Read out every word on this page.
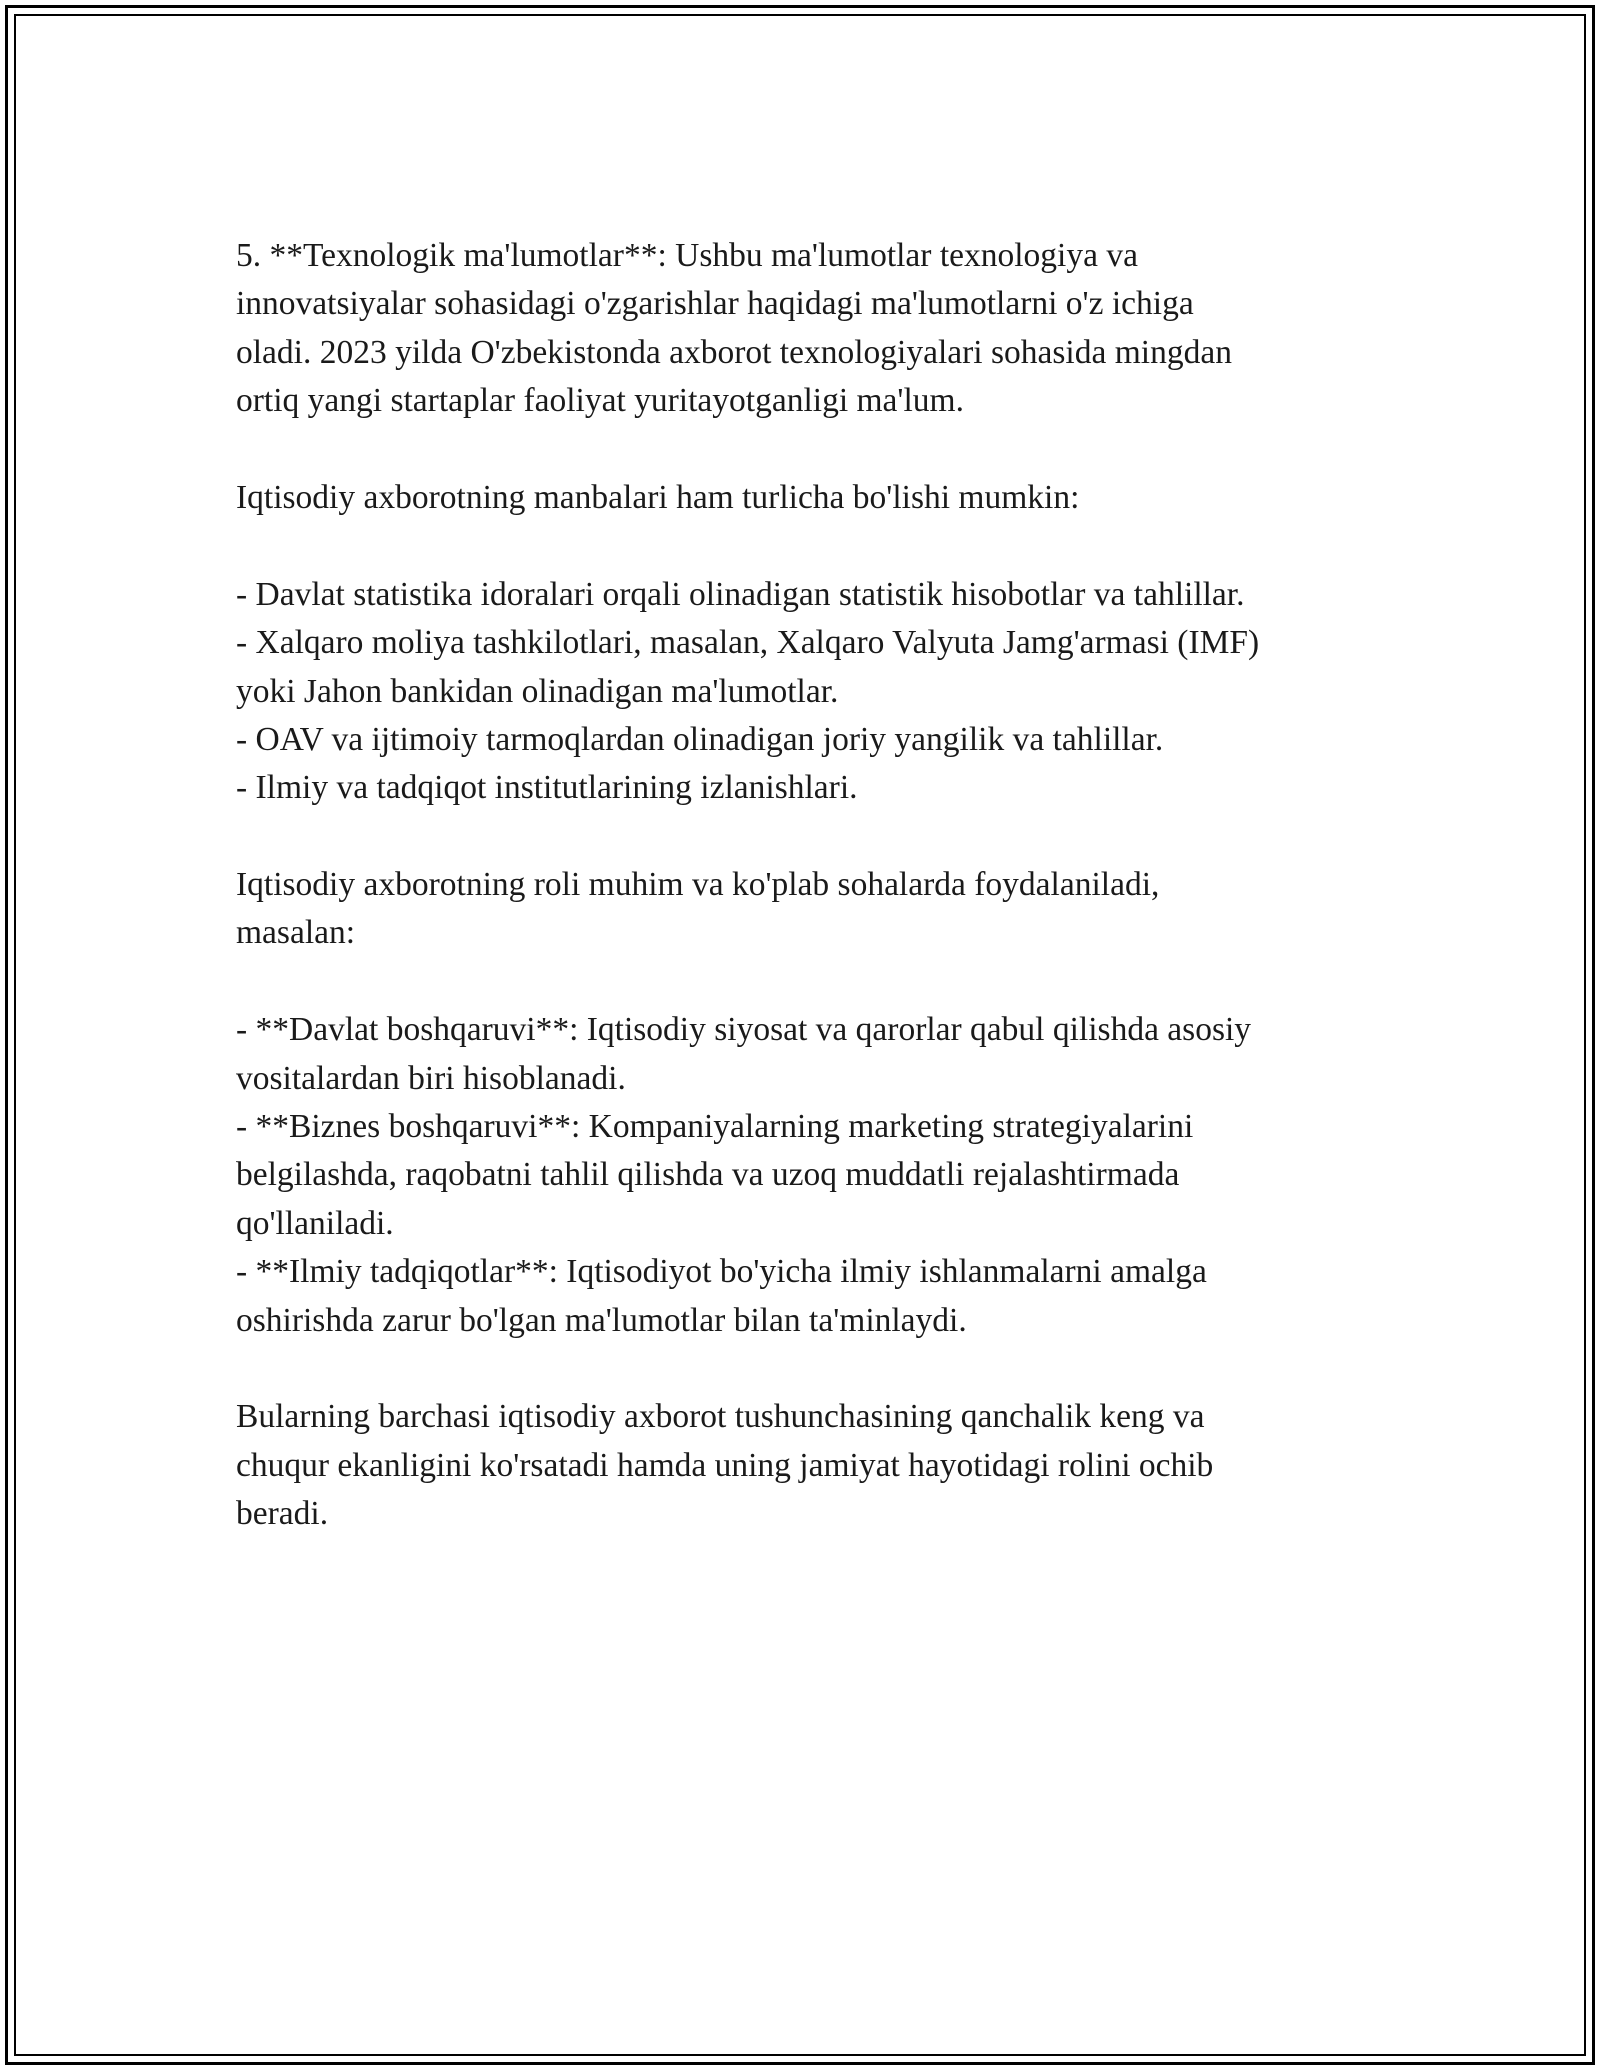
5. **Texnologik ma'lumotlar**: Ushbu ma'lumotlar texnologiya va

innovatsiyalar sohasidagi o'zgarishlar haqidagi ma'lumotlarni o'z ichiga

oladi. 2023 yilda O'zbekistonda axborot texnologiyalari sohasida mingdan

ortiq yangi startaplar faoliyat yuritayotganligi ma'lum.

Iqtisodiy axborotning manbalari ham turlicha bo'lishi mumkin:

- Davlat statistika idoralari orqali olinadigan statistik hisobotlar va tahlillar.

- Xalqaro moliya tashkilotlari, masalan, Xalqaro Valyuta Jamg'armasi (IMF)

yoki Jahon bankidan olinadigan ma'lumotlar.

- OAV va ijtimoiy tarmoqlardan olinadigan joriy yangilik va tahlillar.

- Ilmiy va tadqiqot institutlarining izlanishlari.

Iqtisodiy axborotning roli muhim va ko'plab sohalarda foydalaniladi,

masalan:

- **Davlat boshqaruvi**: Iqtisodiy siyosat va qarorlar qabul qilishda asosiy

vositalardan biri hisoblanadi.

- **Biznes boshqaruvi**: Kompaniyalarning marketing strategiyalarini

belgilashda, raqobatni tahlil qilishda va uzoq muddatli rejalashtirmada

qo'llaniladi.

- **Ilmiy tadqiqotlar**: Iqtisodiyot bo'yicha ilmiy ishlanmalarni amalga

oshirishda zarur bo'lgan ma'lumotlar bilan ta'minlaydi.

Bularning barchasi iqtisodiy axborot tushunchasining qanchalik keng va

chuqur ekanligini ko'rsatadi hamda uning jamiyat hayotidagi rolini ochib

beradi.
